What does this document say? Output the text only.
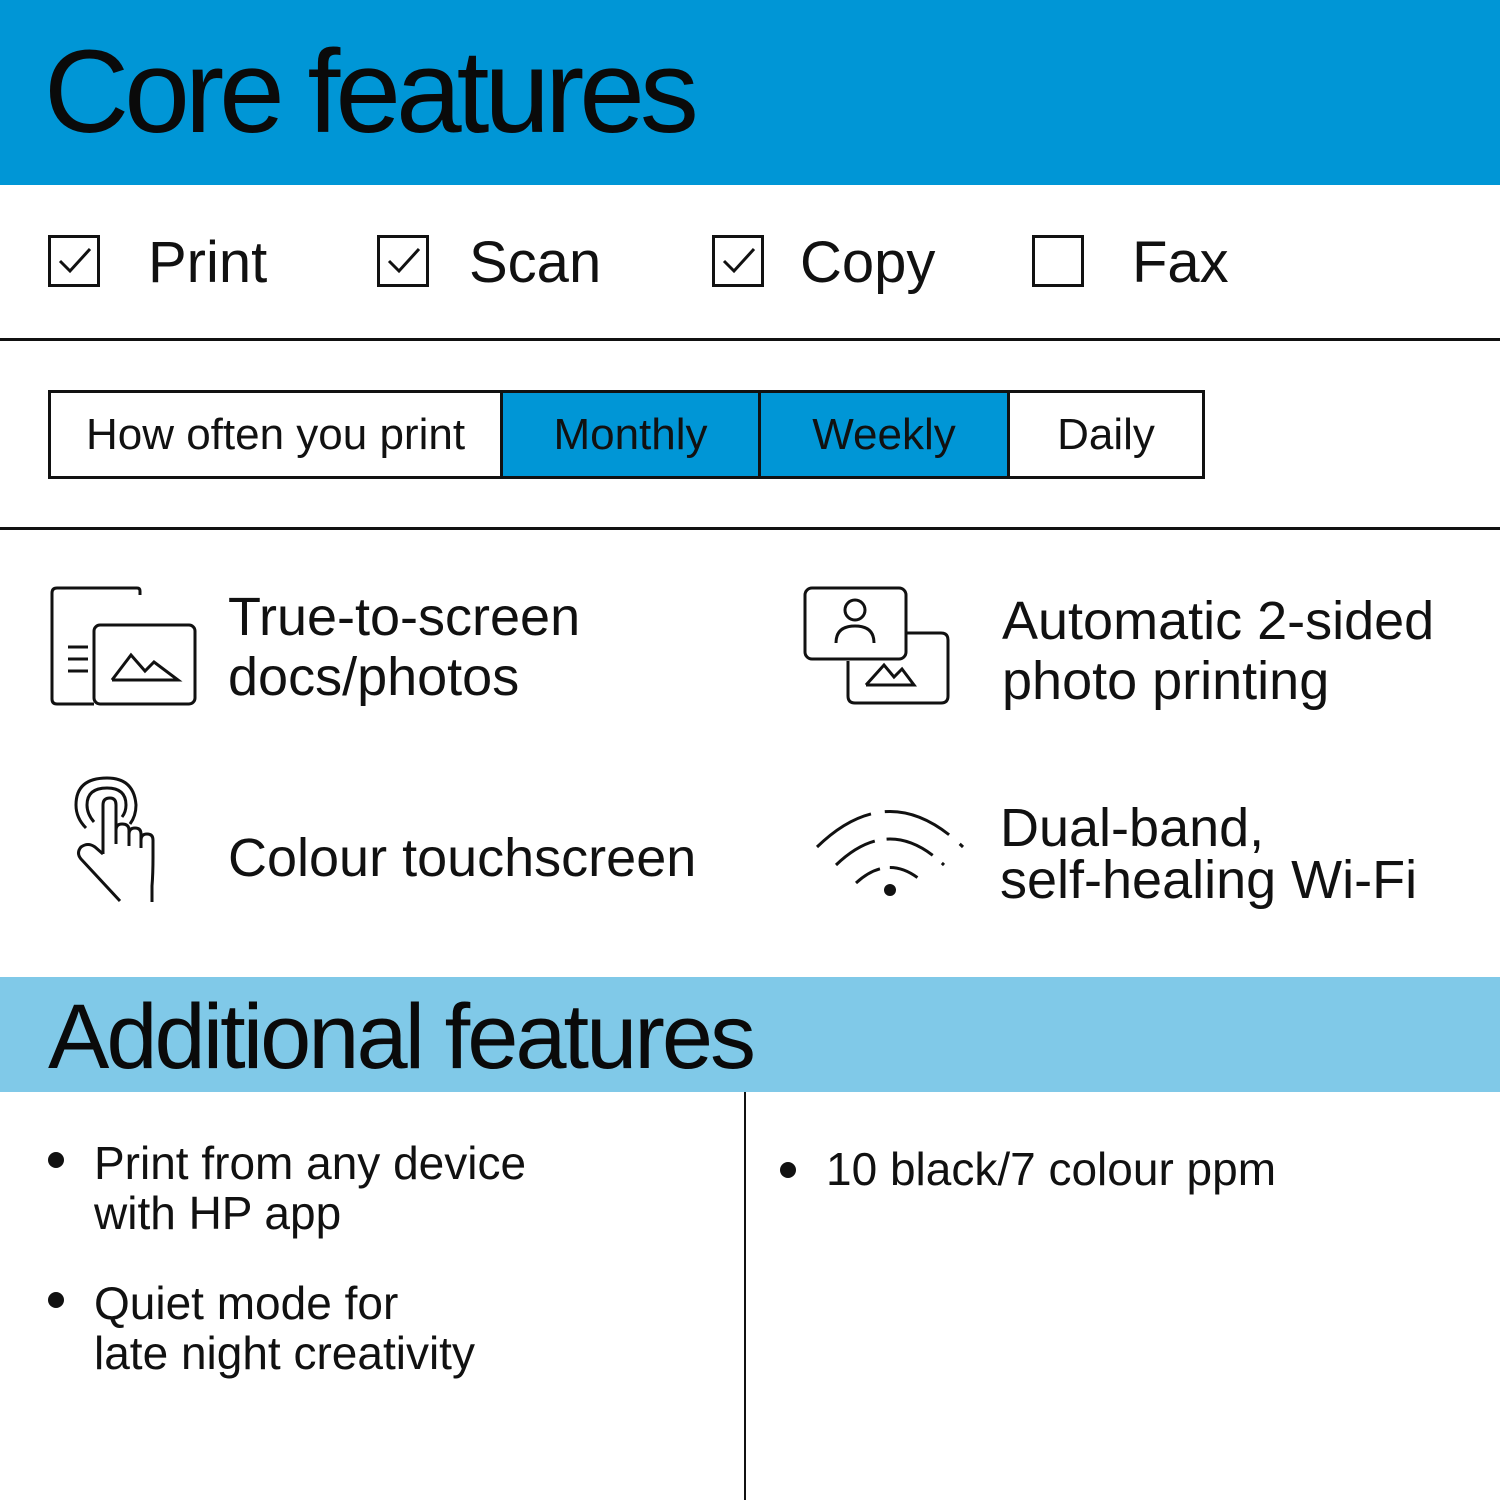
Core features
Print	Scan	Copy	Fax
How often you print	Monthly	Weekly	Daily
True-to-screen
docs/photos
Automatic 2-sided
photo printing
Colour touchscreen	Dual-band,
self-healing Wi-Fi
Additional features
Print from any device
with HP app
Quiet mode for
late night creativity
10 black/7 colour ppm
